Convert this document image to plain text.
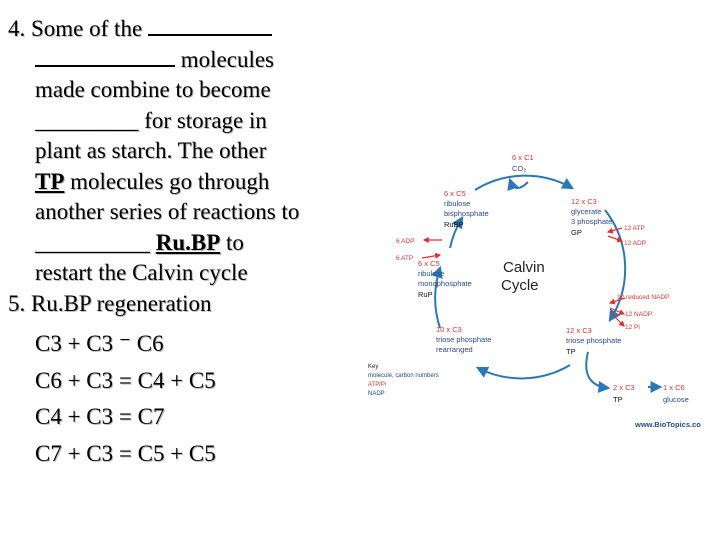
4. Some of the
molecules
made combine to become
_________ for storage in
plant as starch. The other
TP molecules go through
another series of reactions to
__________ Ru.BP to
restart the Calvin cycle
5. Ru.BP regeneration
C3 + C3 ⁻ C6
C6 + C3 = C4 + C5
C4 + C3 = C7
C7 + C3 = C5 + C5
Calvin
Cycle
6 x C1
CO₂
6 x C5
ribulose
bisphosphate
RuBP
12 x C3
glycerate
3 phosphate
GP
6 x C5
ribulose
monophosphate
RuP
10 x C3
triose phosphate
rearranged
12 x C3
triose phosphate
TP
2 x C3
TP
1 x C6
glucose
12 ATP
12 ADP
12 reduced NADP
12 NADP
12 Pi
6 ADP
6 ATP
Key
molecule, carbon numbers
ATP/Pi
NADP
www.BioTopics.co
